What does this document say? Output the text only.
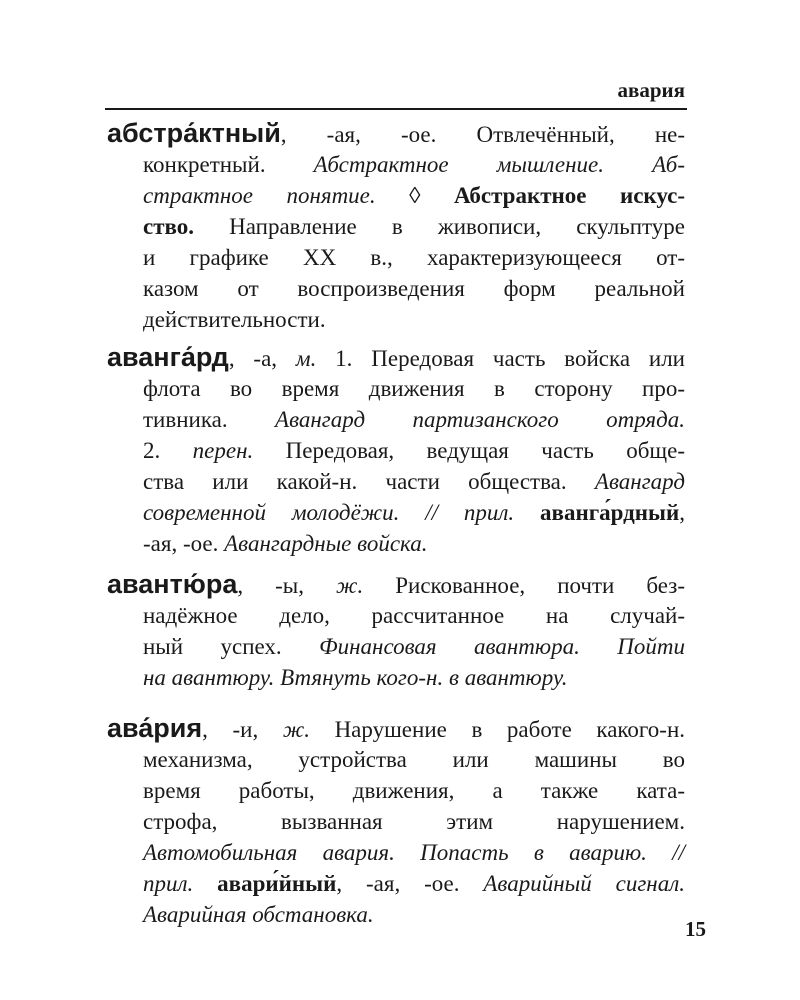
авария
абстра́ктный, -ая, -ое. Отвлечённый, не-
конкретный. Абстрактное мышление. Аб-
страктное понятие. ◊ Абстрактное искус-
ство. Направление в живописи, скульптуре
и графике XX в., характеризующееся от-
казом от воспроизведения форм реальной
действительности.
аванга́рд, -а, м. 1. Передовая часть войска или
флота во время движения в сторону про-
тивника. Авангард партизанского отряда.
2. перен. Передовая, ведущая часть обще-
ства или какой-н. части общества. Авангард
современной молодёжи. // прил. аванга́рдный,
-ая, -ое. Авангардные войска.
авантю́ра, -ы, ж. Рискованное, почти без-
надёжное дело, рассчитанное на случай-
ный успех. Финансовая авантюра. Пойти
на авантюру. Втянуть кого-н. в авантюру.
ава́рия, -и, ж. Нарушение в работе какого-н.
механизма, устройства или машины во
время работы, движения, а также ката-
строфа, вызванная этим нарушением.
Автомобильная авария. Попасть в аварию. //
прил. авари́йный, -ая, -ое. Аварийный сигнал.
Аварийная обстановка.
15
